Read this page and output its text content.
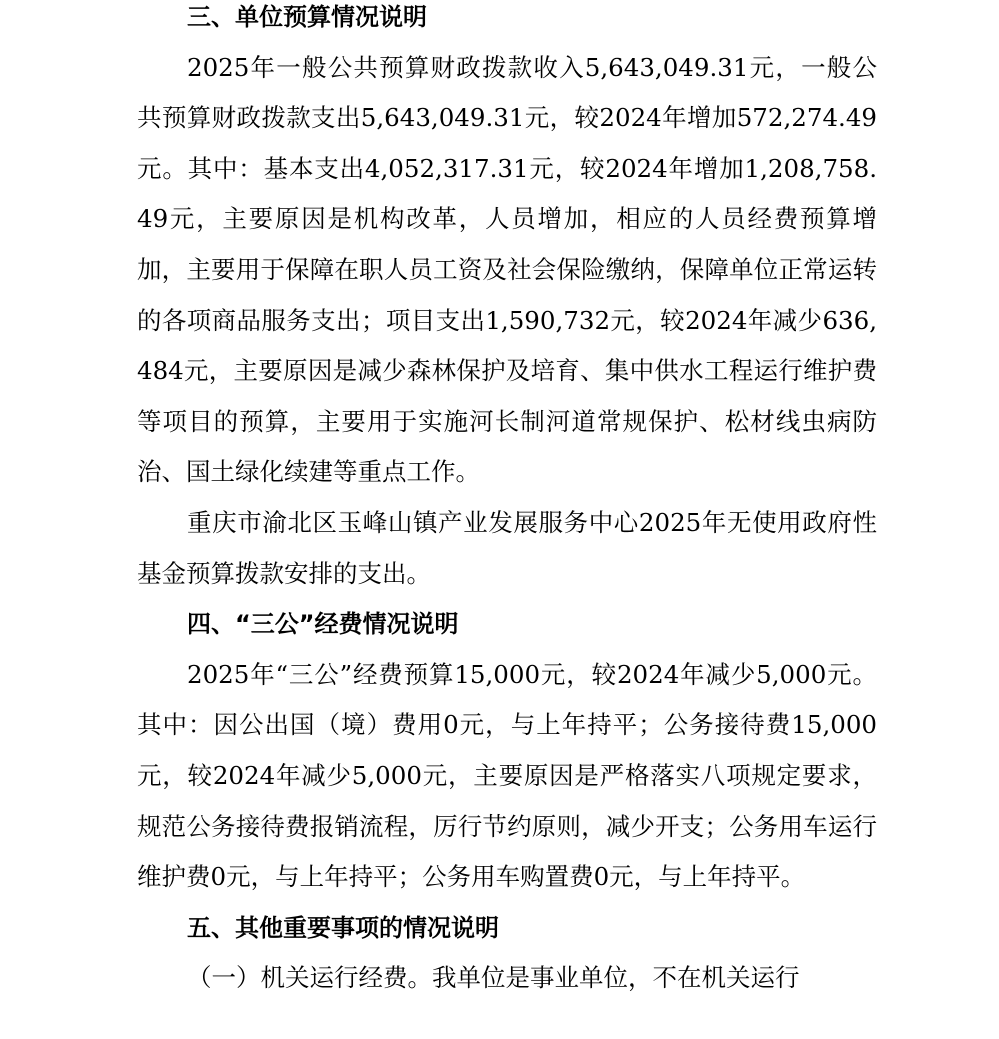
三、单位预算情况说明

2025年一般公共预算财政拨款收入5,643,049.31元，一般公共预算财政拨款支出5,643,049.31元，较2024年增加572,274.49元。其中：基本支出4,052,317.31元，较2024年增加1,208,758.49元，主要原因是机构改革，人员增加，相应的人员经费预算增加，主要用于保障在职人员工资及社会保险缴纳，保障单位正常运转的各项商品服务支出；项目支出1,590,732元，较2024年减少636,484元，主要原因是减少森林保护及培育、集中供水工程运行维护费等项目的预算，主要用于实施河长制河道常规保护、松材线虫病防治、国土绿化续建等重点工作。

重庆市渝北区玉峰山镇产业发展服务中心2025年无使用政府性基金预算拨款安排的支出。

四、“三公”经费情况说明

2025年“三公”经费预算15,000元，较2024年减少5,000元。其中：因公出国（境）费用0元，与上年持平；公务接待费15,000元，较2024年减少5,000元，主要原因是严格落实八项规定要求，规范公务接待费报销流程，厉行节约原则，减少开支；公务用车运行维护费0元，与上年持平；公务用车购置费0元，与上年持平。

五、其他重要事项的情况说明

（一）机关运行经费。我单位是事业单位，不在机关运行
